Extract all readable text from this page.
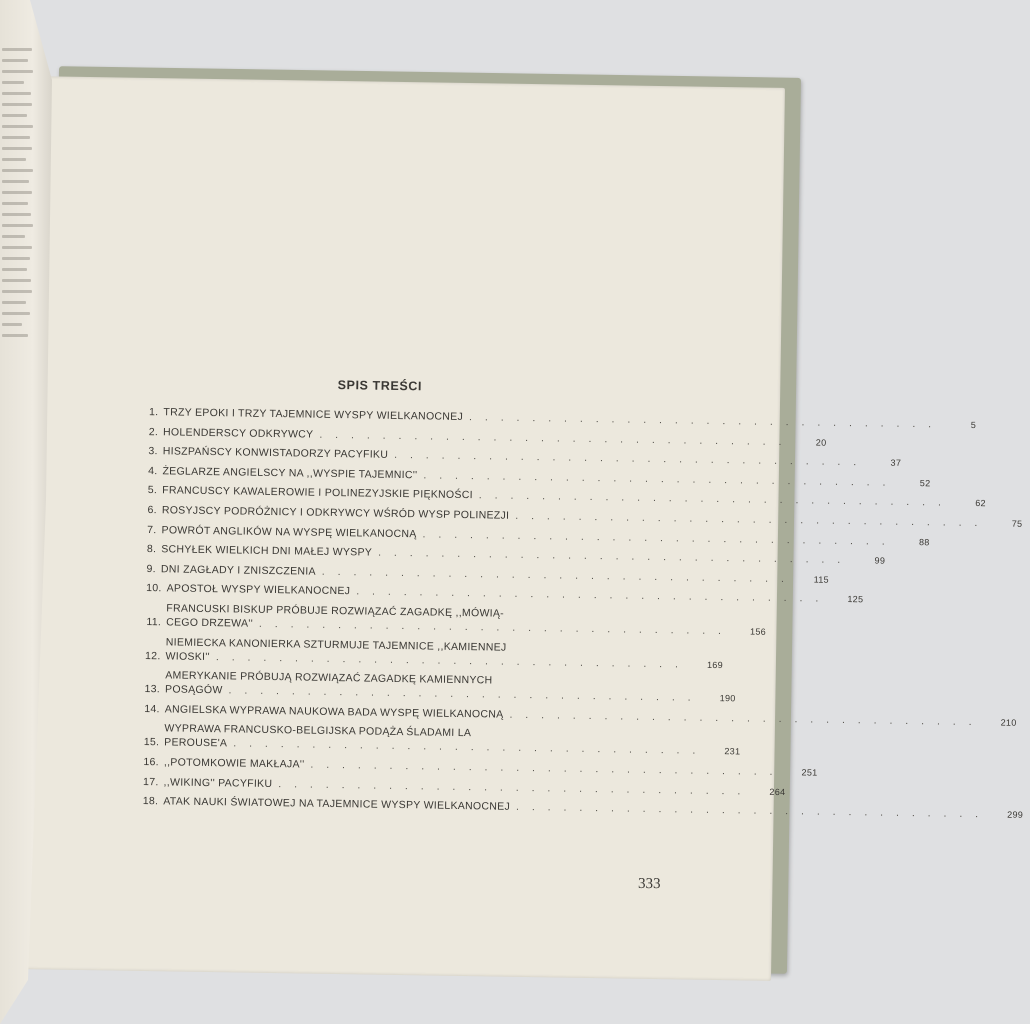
SPIS TREŚCI
1. TRZY EPOKI I TRZY TAJEMNICE WYSPY WIELKANOCNEJ . . . . . . . . . . . . . . . . . . . . . . . . . . . . . .	5
2. HOLENDERSCY ODKRYWCY . . . . . . . . . . . . . . . . . . . . . . . . . . . . . .	20
3. HISZPAŃSCY KONWISTADORZY PACYFIKU . . . . . . . . . . . . . . . . . . . . . . . . . . . . . .	37
4. ŻEGLARZE ANGIELSCY NA ,,WYSPIE TAJEMNIC'' . . . . . . . . . . . . . . . . . . . . . . . . . . . . . .	52
5. FRANCUSCY KAWALEROWIE I POLINEZYJSKIE PIĘKNOŚCI . . . . . . . . . . . . . . . . . . . . . . . . . . . . . .	62
6. ROSYJSCY PODRÓŻNICY I ODKRYWCY WŚRÓD WYSP POLINEZJI . . . . . . . . . . . . . . . . . . . . . . . . . . . . . .	75
7. POWRÓT ANGLIKÓW NA WYSPĘ WIELKANOCNĄ . . . . . . . . . . . . . . . . . . . . . . . . . . . . . .	88
8. SCHYŁEK WIELKICH DNI MAŁEJ WYSPY . . . . . . . . . . . . . . . . . . . . . . . . . . . . . .	99
9. DNI ZAGŁADY I ZNISZCZENIA . . . . . . . . . . . . . . . . . . . . . . . . . . . . . .	115
10. APOSTOŁ WYSPY WIELKANOCNEJ . . . . . . . . . . . . . . . . . . . . . . . . . . . . . .	125
11.
FRANCUSKI BISKUP PRÓBUJE ROZWIĄZAĆ ZAGADKĘ ,,MÓWIĄ-
CEGO DRZEWA'' . . . . . . . . . . . . . . . . . . . . . . . . . . . . . .	156
12.
NIEMIECKA KANONIERKA SZTURMUJE TAJEMNICE ,,KAMIENNEJ
WIOSKI'' . . . . . . . . . . . . . . . . . . . . . . . . . . . . . .	169
13.
AMERYKANIE PRÓBUJĄ ROZWIĄZAĆ ZAGADKĘ KAMIENNYCH
POSĄGÓW . . . . . . . . . . . . . . . . . . . . . . . . . . . . . .	190
14. ANGIELSKA WYPRAWA NAUKOWA BADA WYSPĘ WIELKANOCNĄ . . . . . . . . . . . . . . . . . . . . . . . . . . . . . .	210
15.
WYPRAWA FRANCUSKO-BELGIJSKA PODĄŻA ŚLADAMI LA
PEROUSE'A . . . . . . . . . . . . . . . . . . . . . . . . . . . . . .	231
16. ,,POTOMKOWIE MAKŁAJA'' . . . . . . . . . . . . . . . . . . . . . . . . . . . . . .	251
17. ,,WIKING'' PACYFIKU . . . . . . . . . . . . . . . . . . . . . . . . . . . . . .	264
18. ATAK NAUKI ŚWIATOWEJ NA TAJEMNICE WYSPY WIELKANOCNEJ . . . . . . . . . . . . . . . . . . . . . . . . . . . . . .	299
333
